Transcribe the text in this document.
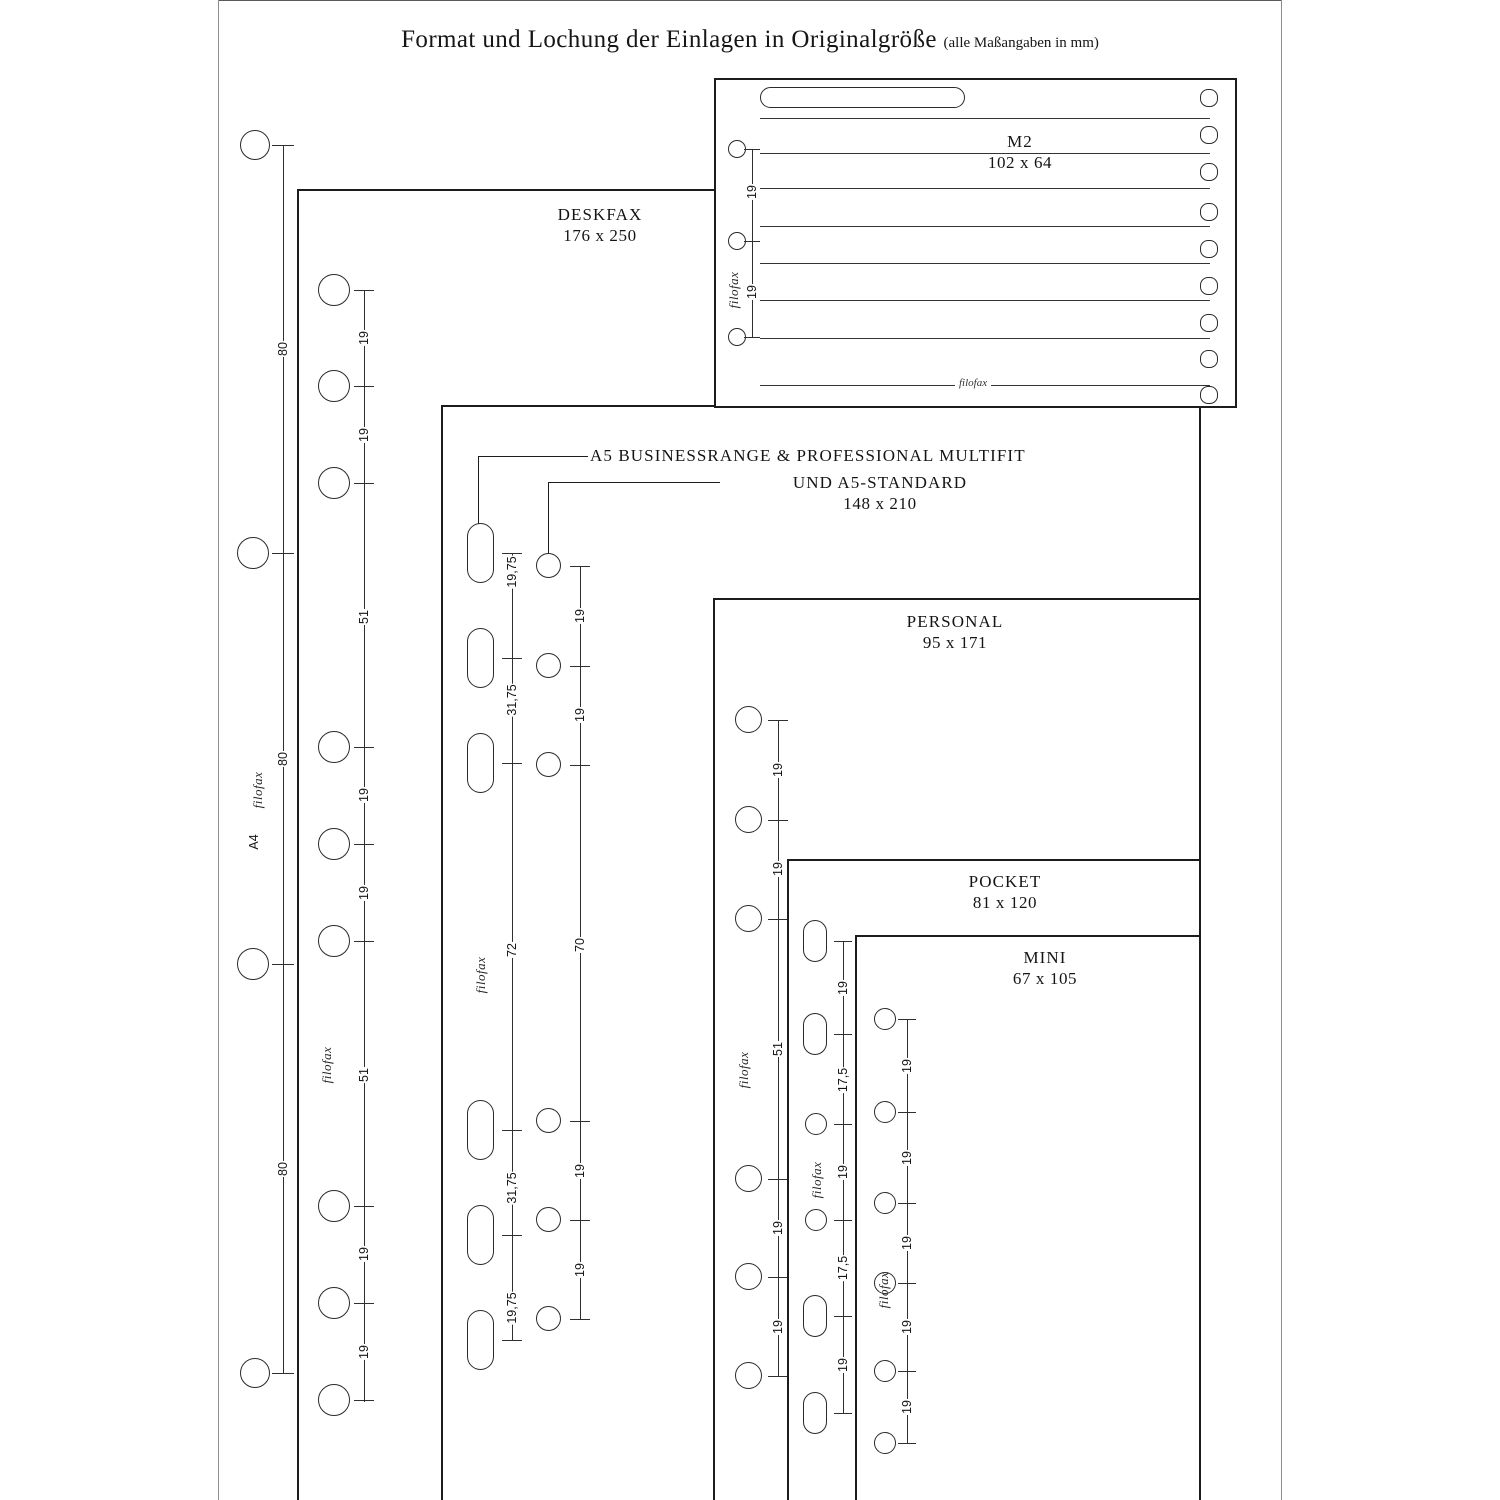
Format und Lochung der Einlagen in Originalgröße (alle Maßangaben in mm)
80
80
80
filofax
A4
DESKFAX
176 x 250
19
19
51
19
19
51
19
19
filofax
A5 BUSINESSRANGE & PROFESSIONAL MULTIFIT
UND A5-STANDARD
148 x 210
19,75
31,75
72
31,75
19,75
filofax
19
19
70
19
19
PERSONAL
95 x 171
19
19
51
19
19
filofax
POCKET
81 x 120
19
17,5
19
17,5
19
filofax
MINI
67 x 105
19
19
19
19
19
filofax
filofax
M2
102 x 64
19
19
filofax
